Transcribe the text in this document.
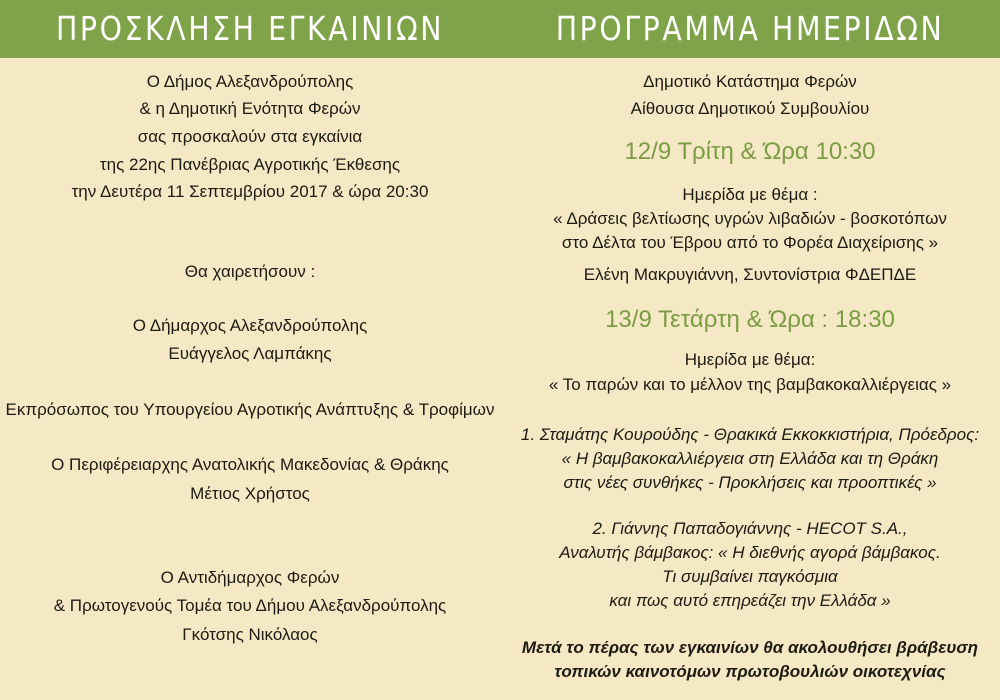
ΠΡΟΣΚΛΗΣΗ ΕΓΚΑΙΝΙΩΝ
Ο Δήμος Αλεξανδρούπολης
& η Δημοτική Ενότητα Φερών
σας προσκαλούν στα εγκαίνια
της 22ης Πανέβριας Αγροτικής Έκθεσης
την Δευτέρα 11 Σεπτεμβρίου 2017 & ώρα 20:30
Θα χαιρετήσουν :
Ο Δήμαρχος Αλεξανδρούπολης
Ευάγγελος Λαμπάκης
Εκπρόσωπος του Υπουργείου Αγροτικής Ανάπτυξης & Τροφίμων
Ο Περιφέρειαρχης Ανατολικής Μακεδονίας & Θράκης
Μέτιος Χρήστος
Ο Αντιδήμαρχος Φερών
& Πρωτογενούς Τομέα του Δήμου Αλεξανδρούπολης
Γκότσης Νικόλαος
ΠΡΟΓΡΑΜΜΑ ΗΜΕΡΙΔΩΝ
Δημοτικό Κατάστημα Φερών
Αίθουσα Δημοτικού Συμβουλίου
12/9 Τρίτη & Ώρα 10:30
Ημερίδα με θέμα :
« Δράσεις βελτίωσης υγρών λιβαδιών - βοσκοτόπων
στο Δέλτα του Έβρου από το Φορέα Διαχείρισης »
Ελένη Μακρυγιάννη, Συντονίστρια ΦΔΕΠΔΕ
13/9 Τετάρτη & Ώρα : 18:30
Ημερίδα με θέμα:
« Το παρών και το μέλλον της βαμβακοκαλλιέργειας »
1. Σταμάτης Κουρούδης - Θρακικά Εκκοκκιστήρια, Πρόεδρος:
« Η βαμβακοκαλλιέργεια στη Ελλάδα και τη Θράκη
στις νέες συνθήκες - Προκλήσεις και προοπτικές »
2. Γιάννης Παπαδογιάννης - HECOT S.A.,
Αναλυτής βάμβακος: « Η διεθνής αγορά βάμβακος.
Τι συμβαίνει παγκόσμια
και πως αυτό επηρεάζει την Ελλάδα »
Μετά το πέρας των εγκαινίων θα ακολουθήσει βράβευση
τοπικών καινοτόμων πρωτοβουλιών οικοτεχνίας
